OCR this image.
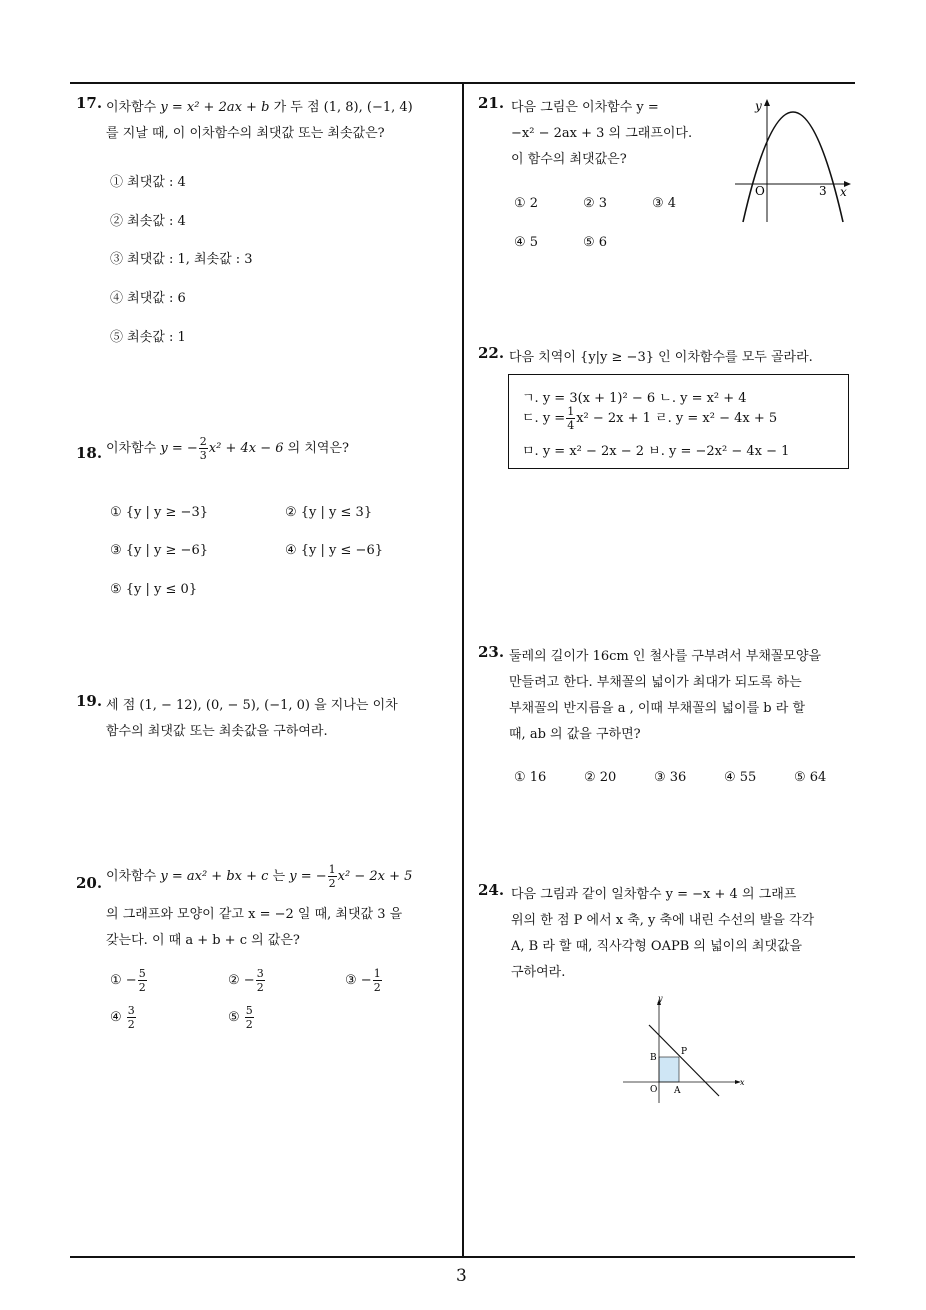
3
17. 이차함수 y = x² + 2ax + b 가 두 점 (1, 8), (−1, 4)
를 지날 때, 이 이차함수의 최댓값 또는 최솟값은?
① 최댓값 : 4
② 최솟값 : 4
③ 최댓값 : 1, 최솟값 : 3
④ 최댓값 : 6
⑤ 최솟값 : 1
18. 이차함수 y = − $\frac{2}{3} x^2 + 4x - 6$ 의 치역은?
① {y | y ≥ −3}	② {y | y ≤ 3}
③ {y | y ≥ −6}	④ {y | y ≤ −6}
⑤ {y | y ≤ 0}
19. 세 점 (1, − 12), (0, − 5), (−1, 0) 을 지나는 이차
함수의 최댓값 또는 최솟값을 구하여라.
20. 이차함수 y = ax² + bx + c 는 y = − $\frac{1}{2} x^2 - 2x + 5$
의 그래프와 모양이 같고 x = −2 일 때, 최댓값 3 을
갖는다. 이 때 a + b + c 의 값은?
① − $\frac{5}{2}$	② − $\frac{3}{2}$	③ − $\frac{1}{2}$
④ $\frac{3}{2}$	⑤ $\frac{5}{2}$
21. 다음 그림은 이차함수 y =
−x² − 2ax + 3 의 그래프이다.
이 함수의 최댓값은?
① 2	② 3	③ 4
④ 5	⑤ 6
y
x
O	3
22. 다음 치역이 {y|y ≥ −3} 인 이차함수를 모두 골라라.
ㄱ. y = 3(x + 1)² − 6 ㄴ. y = x² + 4
ㄷ. $y = \frac{1}{4} x^2 - 2x + 1$ ㄹ. y = x² − 4x + 5
ㅁ. y = x² − 2x − 2 ㅂ. y = −2x² − 4x − 1
23. 둘레의 길이가 16cm 인 철사를 구부려서 부채꼴모양을
만들려고 한다. 부채꼴의 넓이가 최대가 되도록 하는
부채꼴의 반지름을 a , 이때 부채꼴의 넓이를 b 라 할
때, ab 의 값을 구하면?
① 16	② 20	③ 36	④ 55	⑤ 64
24. 다음 그림과 같이 일차함수 y = −x + 4 의 그래프
위의 한 점 P 에서 x 축, y 축에 내린 수선의 발을 각각
A, B 라 할 때, 직사각형 OAPB 의 넓이의 최댓값을
구하여라.
y
x
O A
B
P
